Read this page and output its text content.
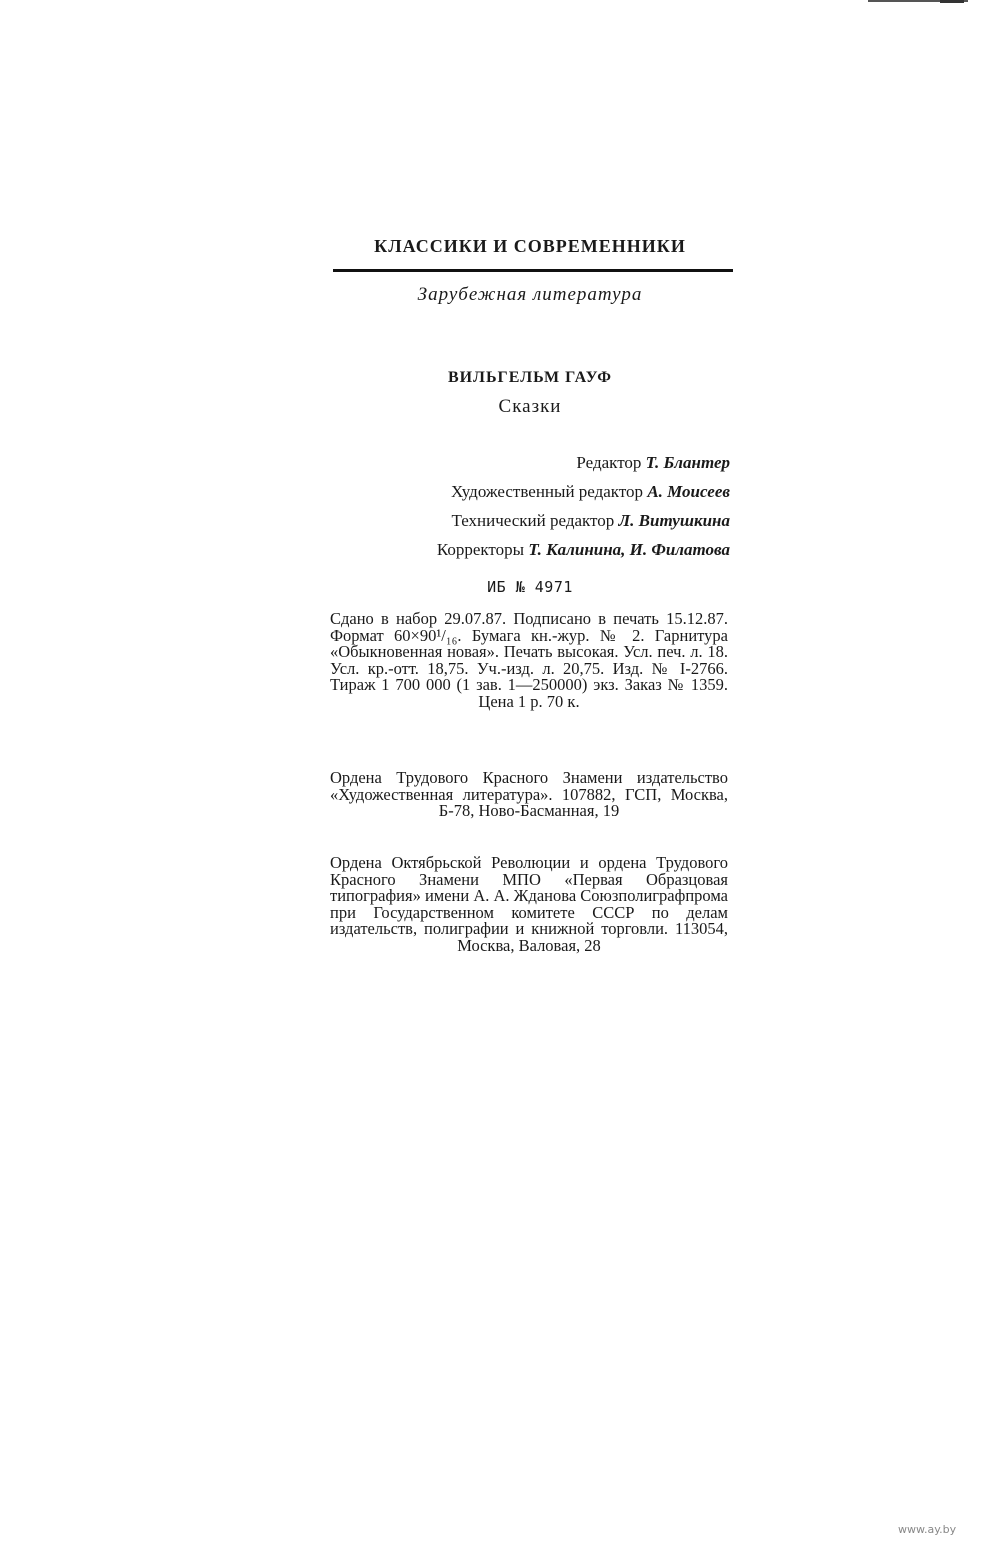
КЛАССИКИ И СОВРЕМЕННИКИ
Зарубежная литература
ВИЛЬГЕЛЬМ ГАУФ
Сказки
Редактор Т. Блантер
Художественный редактор А. Моисеев
Технический редактор Л. Витушкина
Корректоры Т. Калинина, И. Филатова
ИБ № 4971
Сдано в набор 29.07.87. Подписано в печать 15.12.87. Формат 60×90¹/₁₆. Бумага кн.-жур. № 2. Гарнитура «Обыкновенная новая». Печать высокая. Усл. печ. л. 18. Усл. кр.-отт. 18,75. Уч.-изд. л. 20,75. Изд. № I-2766. Тираж 1 700 000 (1 зав. 1—250000) экз. Заказ № 1359. Цена 1 р. 70 к.
Ордена Трудового Красного Знамени издательство «Художественная литература». 107882, ГСП, Москва, Б-78, Ново-Басманная, 19
Ордена Октябрьской Революции и ордена Трудового Красного Знамени МПО «Первая Образцовая типография» имени А. А. Жданова Союзполиграфпрома при Государственном комитете СССР по делам издательств, полиграфии и книжной торговли. 113054, Москва, Валовая, 28
www.ay.by
